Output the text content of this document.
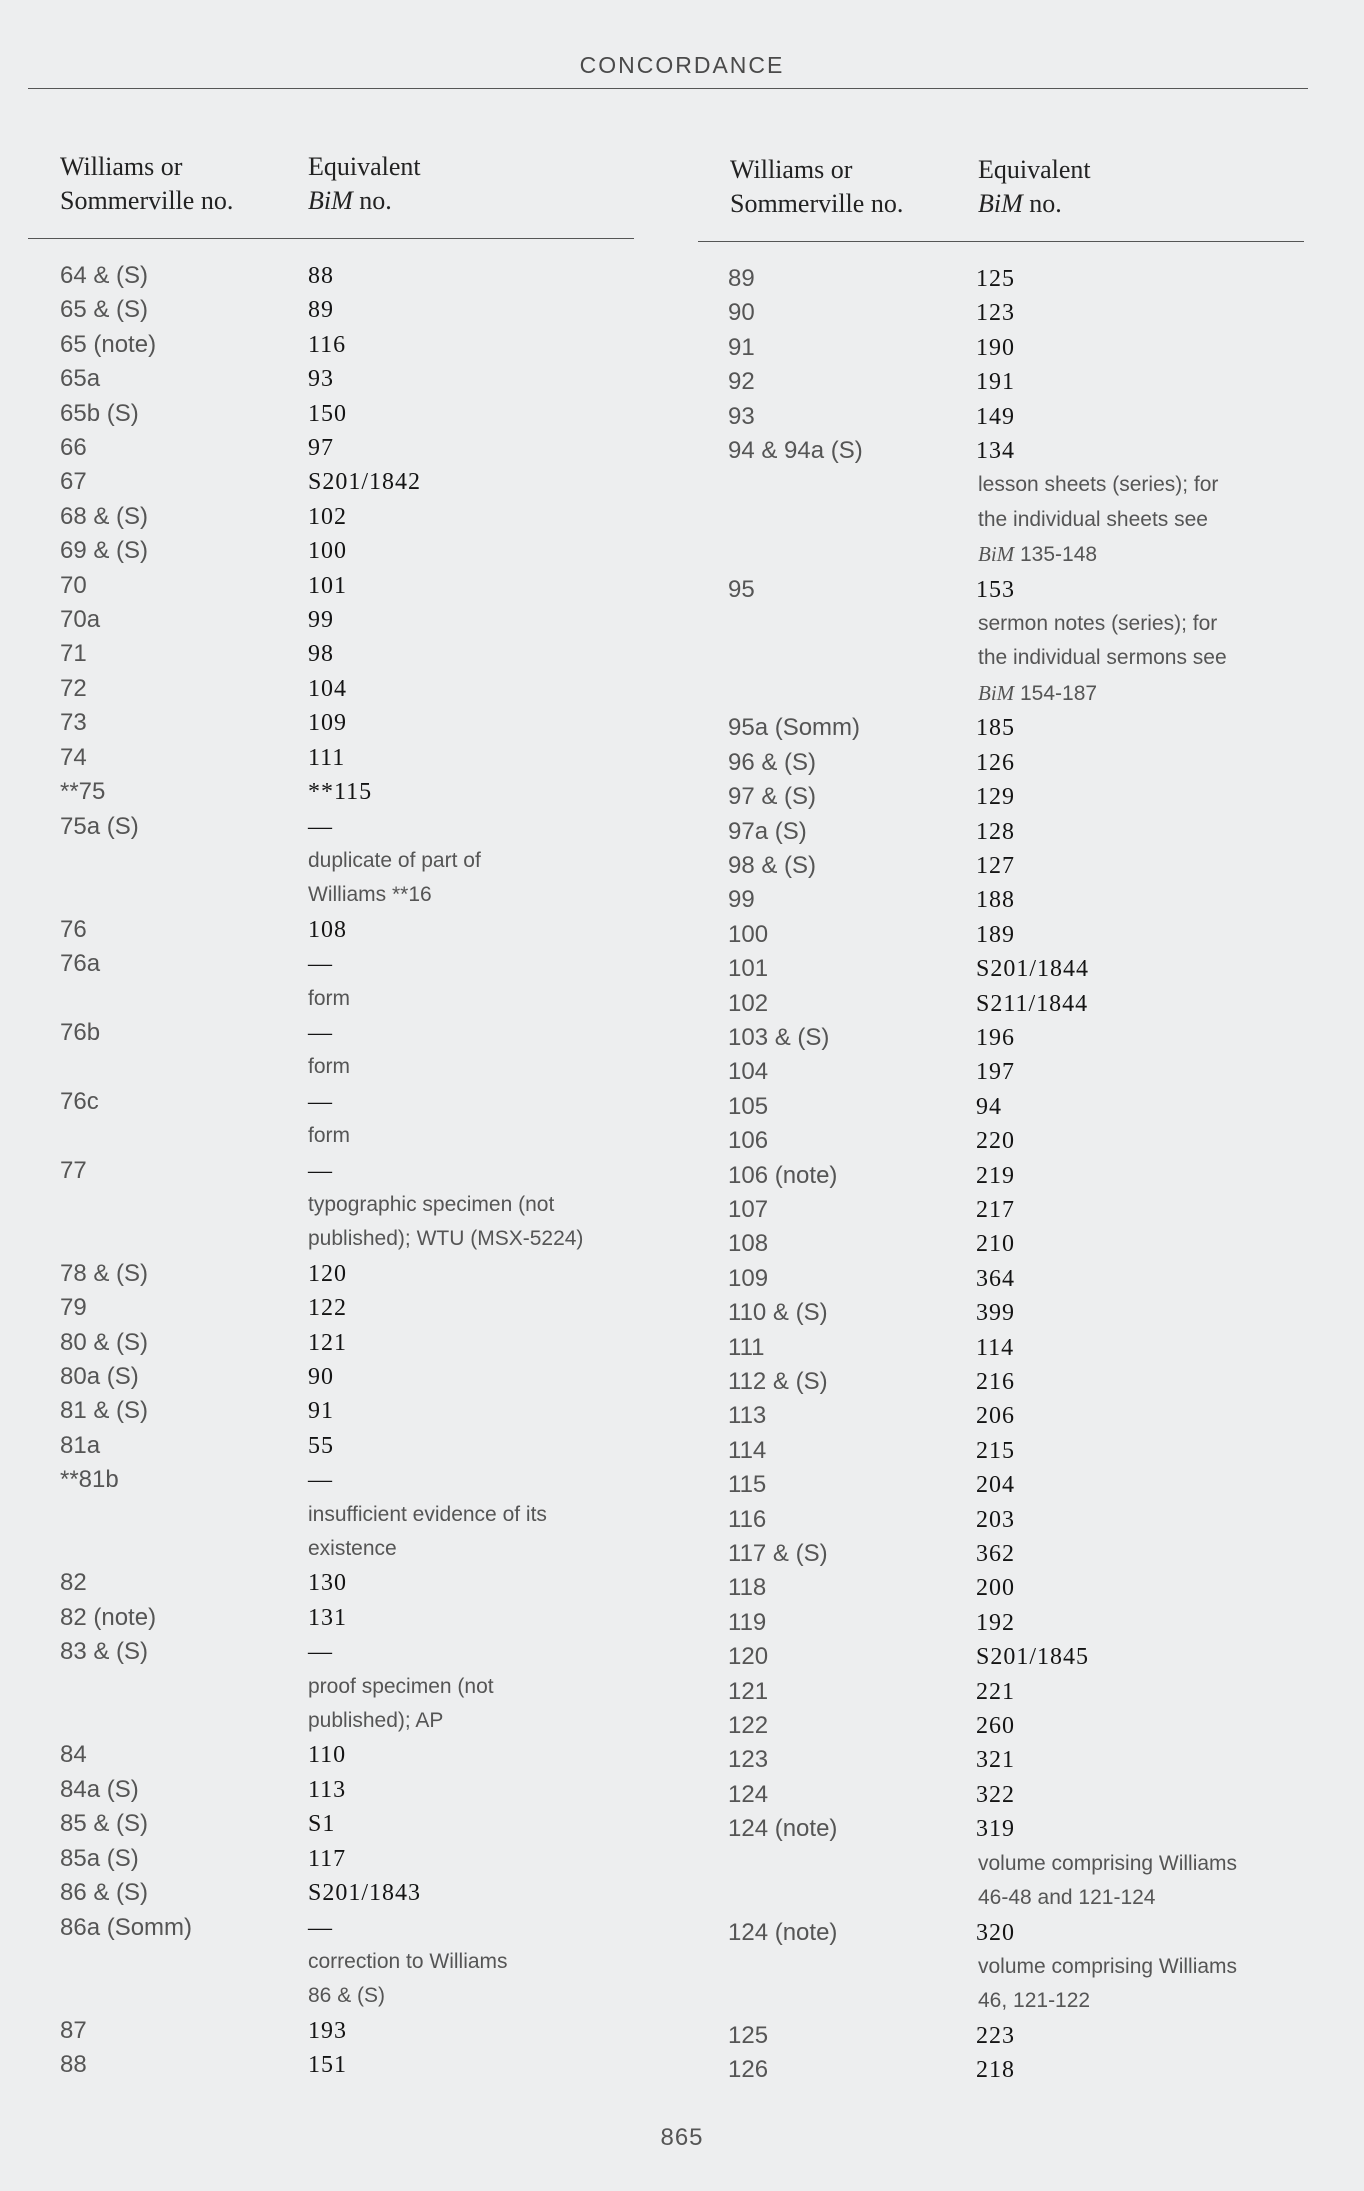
CONCORDANCE
Williams or
Sommerville no.
Equivalent
BiM no.
64 & (S)	88
65 & (S)	89
65 (note)	116
65a	93
65b (S)	150
66	97
67	S201/1842
68 & (S)	102
69 & (S)	100
70	101
70a	99
71	98
72	104
73	109
74	111
**75	**115
75a (S)	—
duplicate of part of
Williams **16
76	108
76a	—
form
76b	—
form
76c	—
form
77	—
typographic specimen (not
published); WTU (MSX-5224)
78 & (S)	120
79	122
80 & (S)	121
80a (S)	90
81 & (S)	91
81a	55
**81b	—
insufficient evidence of its
existence
82	130
82 (note)	131
83 & (S)	—
proof specimen (not
published); AP
84	110
84a (S)	113
85 & (S)	S1
85a (S)	117
86 & (S)	S201/1843
86a (Somm)	—
correction to Williams
86 & (S)
87	193
88	151
Williams or
Sommerville no.
Equivalent
BiM no.
89	125
90	123
91	190
92	191
93	149
94 & 94a (S)	134
lesson sheets (series); for
the individual sheets see
BiM 135-148
95	153
sermon notes (series); for
the individual sermons see
BiM 154-187
95a (Somm)	185
96 & (S)	126
97 & (S)	129
97a (S)	128
98 & (S)	127
99	188
100	189
101	S201/1844
102	S211/1844
103 & (S)	196
104	197
105	94
106	220
106 (note)	219
107	217
108	210
109	364
110 & (S)	399
111	114
112 & (S)	216
113	206
114	215
115	204
116	203
117 & (S)	362
118	200
119	192
120	S201/1845
121	221
122	260
123	321
124	322
124 (note)	319
volume comprising Williams
46-48 and 121-124
124 (note)	320
volume comprising Williams
46, 121-122
125	223
126	218
865
